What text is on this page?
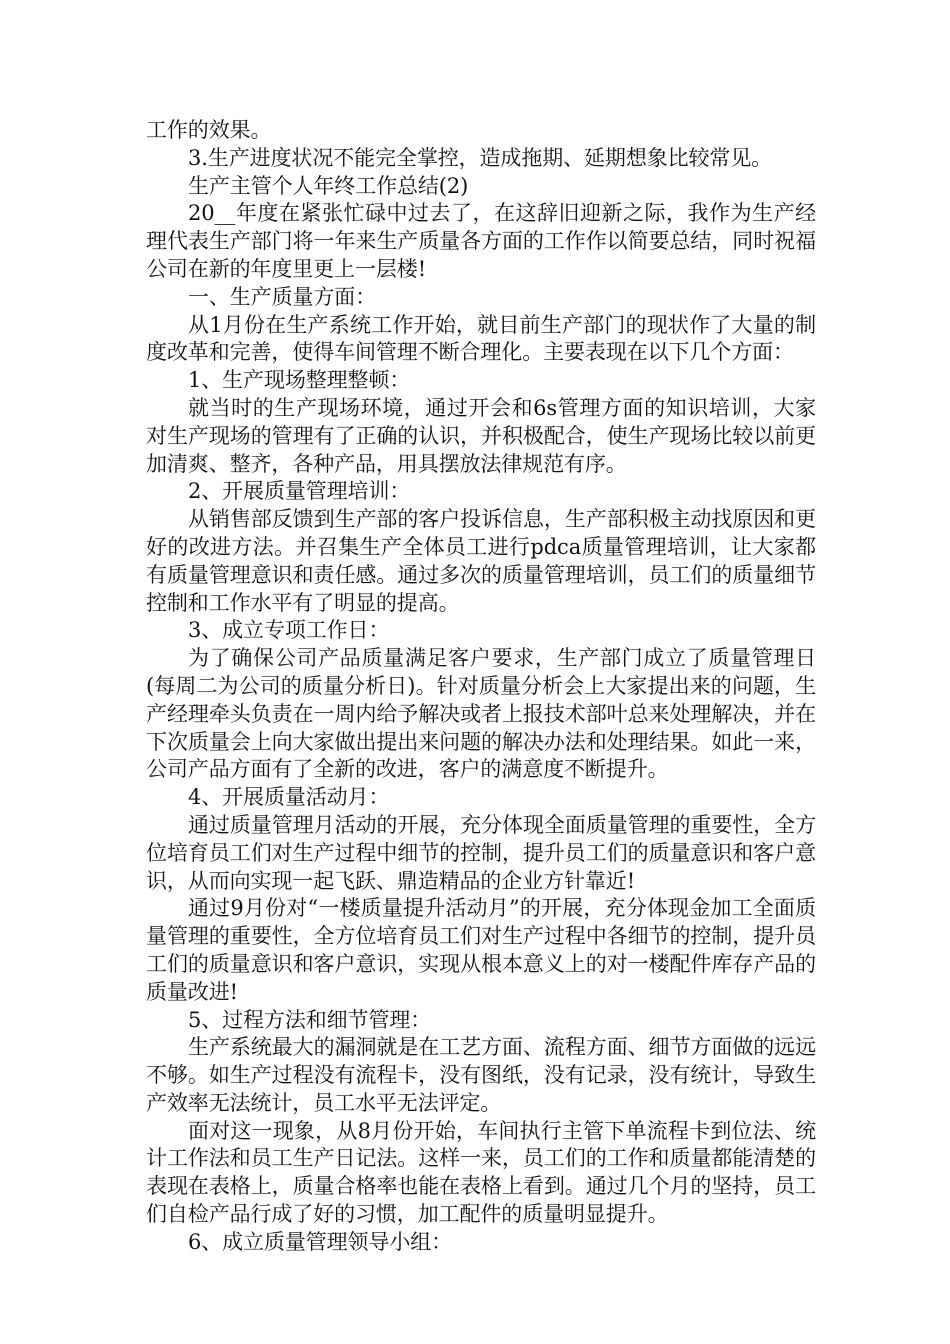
工作的效果。

3.生产进度状况不能完全掌控，造成拖期、延期想象比较常见。

生产主管个人年终工作总结(2)

20__年度在紧张忙碌中过去了，在这辞旧迎新之际，我作为生产经理代表生产部门将一年来生产质量各方面的工作作以简要总结，同时祝福公司在新的年度里更上一层楼!

一、生产质量方面：

从1月份在生产系统工作开始，就目前生产部门的现状作了大量的制度改革和完善，使得车间管理不断合理化。主要表现在以下几个方面：

1、生产现场整理整顿：

就当时的生产现场环境，通过开会和6s管理方面的知识培训，大家对生产现场的管理有了正确的认识，并积极配合，使生产现场比较以前更加清爽、整齐，各种产品，用具摆放法律规范有序。

2、开展质量管理培训：

从销售部反馈到生产部的客户投诉信息，生产部积极主动找原因和更好的改进方法。并召集生产全体员工进行pdca质量管理培训，让大家都有质量管理意识和责任感。通过多次的质量管理培训，员工们的质量细节控制和工作水平有了明显的提高。

3、成立专项工作日：

为了确保公司产品质量满足客户要求，生产部门成立了质量管理日(每周二为公司的质量分析日)。针对质量分析会上大家提出来的问题，生产经理牵头负责在一周内给予解决或者上报技术部叶总来处理解决，并在下次质量会上向大家做出提出来问题的解决办法和处理结果。如此一来，公司产品方面有了全新的改进，客户的满意度不断提升。

4、开展质量活动月：

通过质量管理月活动的开展，充分体现全面质量管理的重要性，全方位培育员工们对生产过程中细节的控制，提升员工们的质量意识和客户意识，从而向实现一起飞跃、鼎造精品的企业方针靠近!

通过9月份对“一楼质量提升活动月”的开展，充分体现金加工全面质量管理的重要性，全方位培育员工们对生产过程中各细节的控制，提升员工们的质量意识和客户意识，实现从根本意义上的对一楼配件库存产品的质量改进!

5、过程方法和细节管理：

生产系统最大的漏洞就是在工艺方面、流程方面、细节方面做的远远不够。如生产过程没有流程卡，没有图纸，没有记录，没有统计，导致生产效率无法统计，员工水平无法评定。

面对这一现象，从8月份开始，车间执行主管下单流程卡到位法、统计工作法和员工生产日记法。这样一来，员工们的工作和质量都能清楚的表现在表格上，质量合格率也能在表格上看到。通过几个月的坚持，员工们自检产品行成了好的习惯，加工配件的质量明显提升。

6、成立质量管理领导小组：
